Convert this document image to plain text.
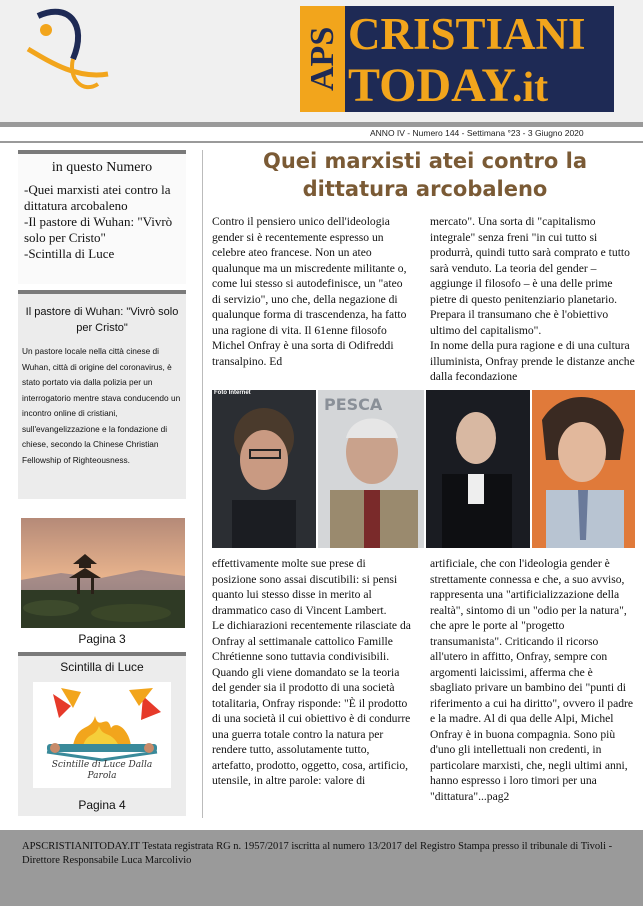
APS CRISTIANI
TODAY
.it
ANNO IV - Numero 144 - Settimana °23 - 3 Giugno 2020
in questo Numero
-Quei marxisti atei contro la dittatura arcobaleno
-Il pastore di Wuhan: "Vivrò solo per Cristo"
-Scintilla di Luce
Il pastore di Wuhan: "Vivrò solo per Cristo"
Un pastore locale nella città cinese di Wuhan, città di origine del coronavirus, è stato portato via dalla polizia per un interrogatorio mentre stava conducendo un incontro online di cristiani, sull'evangelizzazione e la fondazione di chiese, secondo la Chinese Christian Fellowship of Righteousness.
Pagina 3
Scintilla di Luce
Scintille di Luce Dalla Parola
Pagina 4
Quei marxisti atei contro la dittatura arcobaleno
Contro il pensiero unico dell'ideologia gender si è recentemente espresso un celebre ateo francese. Non un ateo qualunque ma un miscredente militante o, come lui stesso si autodefinisce, un "ateo di servizio", uno che, della negazione di qualunque forma di trascendenza, ha fatto una ragione di vita. Il 61enne filosofo Michel Onfray è una sorta di Odifreddi transalpino. Ed
mercato". Una sorta di "capitalismo integrale" senza freni "in cui tutto si produrrà, quindi tutto sarà comprato e tutto sarà venduto. La teoria del gender – aggiunge il filosofo – è una delle prime pietre di questo penitenziario planetario. Prepara il transumano che è l'obiettivo ultimo del capitalismo".
In nome della pura ragione e di una cultura illuminista, Onfray prende le distanze anche dalla fecondazione
PESCA
Foto Internet
effettivamente molte sue prese di posizione sono assai discutibili: si pensi quanto lui stesso disse in merito al drammatico caso di Vincent Lambert.
Le dichiarazioni recentemente rilasciate da Onfray al settimanale cattolico Famille Chrétienne sono tuttavia condivisibili. Quando gli viene domandato se la teoria del gender sia il prodotto di una società totalitaria, Onfray risponde: "È il prodotto di una società il cui obiettivo è di condurre una guerra totale contro la natura per rendere tutto, assolutamente tutto, artefatto, prodotto, oggetto, cosa, artificio, utensile, in altre parole: valore di
artificiale, che con l'ideologia gender è strettamente connessa e che, a suo avviso, rappresenta una "artificializzazione della realtà", sintomo di un "odio per la natura", che apre le porte al "progetto transumanista". Criticando il ricorso all'utero in affitto, Onfray, sempre con argomenti laicissimi, afferma che è sbagliato privare un bambino dei "punti di riferimento a cui ha diritto", ovvero il padre e la madre. Al di qua delle Alpi, Michel Onfray è in buona compagnia. Sono più d'uno gli intellettuali non credenti, in particolare marxisti, che, negli ultimi anni, hanno espresso i loro timori per una "dittatura"...pag2
APSCRISTIANITODAY.IT Testata registrata RG n. 1957/2017 iscritta al numero 13/2017 del Registro Stampa presso il tribunale di Tivoli - Direttore Responsabile Luca Marcolivio
